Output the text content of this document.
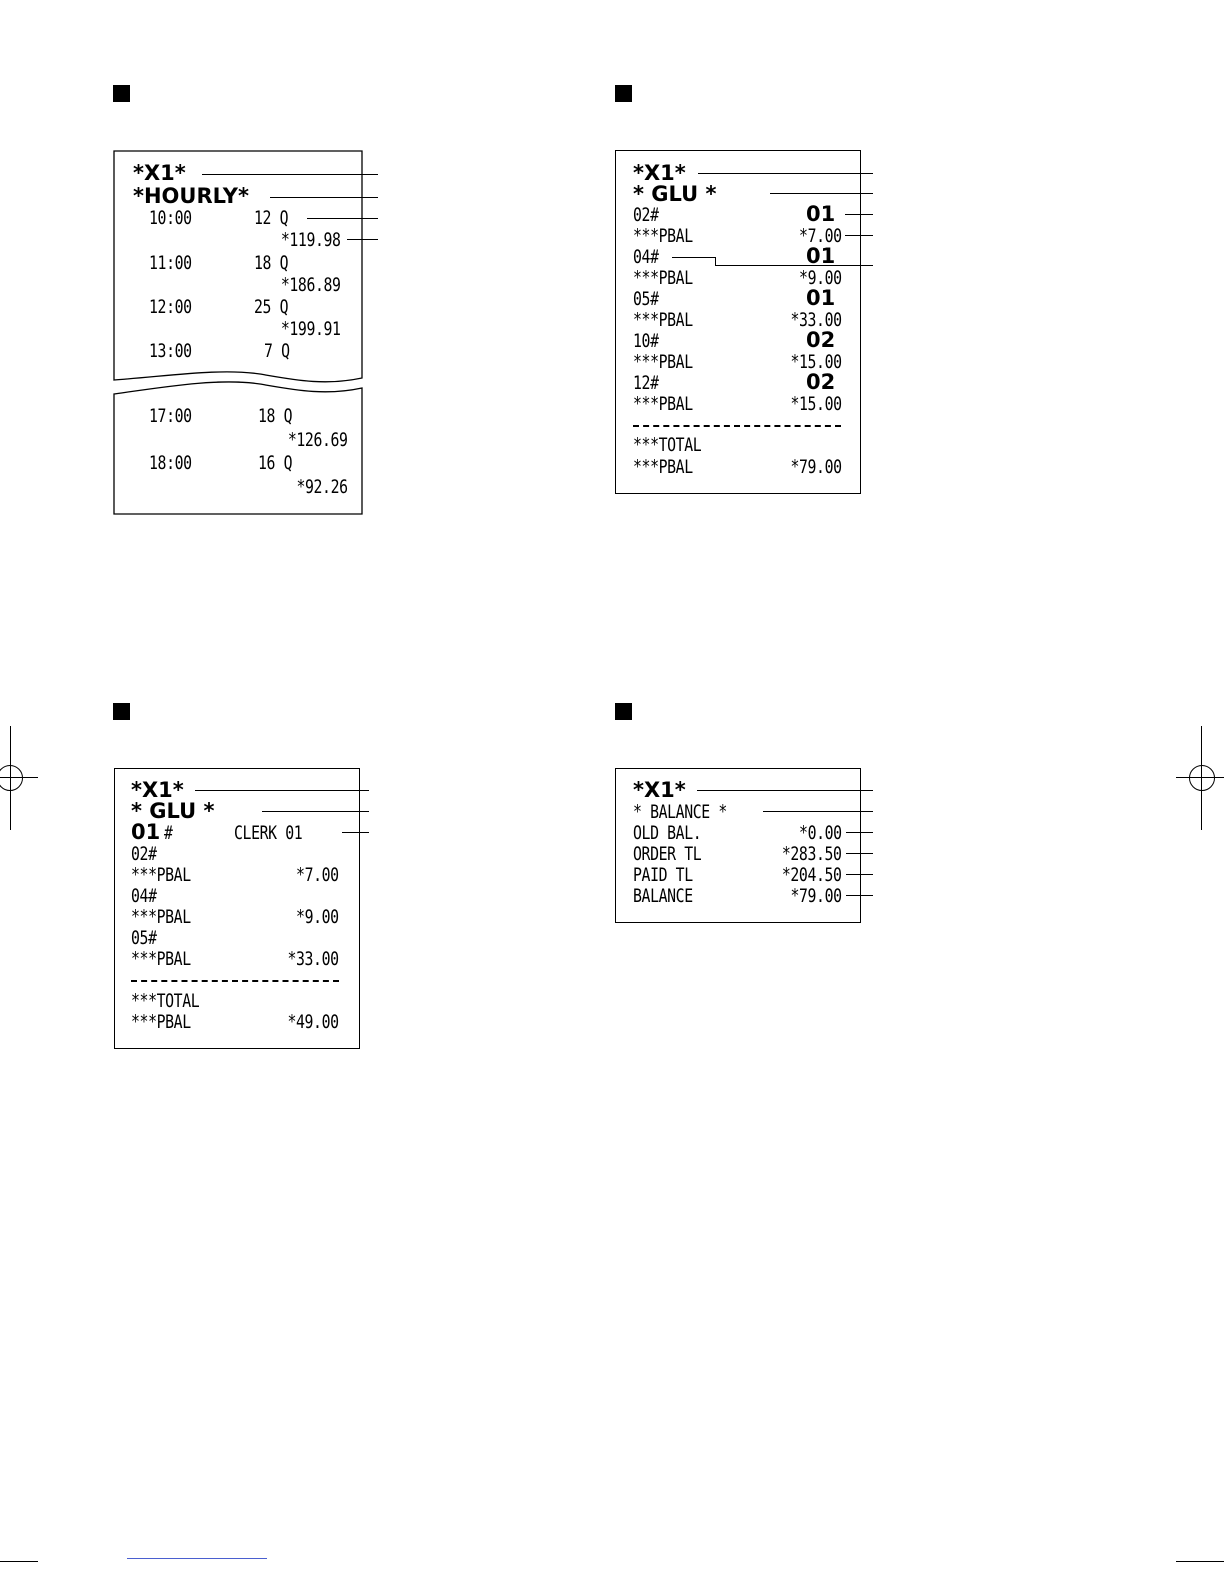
*X1*
*HOURLY*
10:00	12 Q
*119.98
11:00	18 Q
*186.89
12:00	25 Q
*199.91
13:00	7 Q
17:00	18 Q
*126.69
18:00	16 Q
*92.26
*X1*
* GLU *
02#	01
***PBAL	*7.00
04#	01
***PBAL	*9.00
05#	01
***PBAL	*33.00
10#	02
***PBAL	*15.00
12#	02
***PBAL	*15.00
***TOTAL
***PBAL	*79.00
*X1*
* GLU *
01 #	CLERK 01
02#
***PBAL	*7.00
04#
***PBAL	*9.00
05#
***PBAL	*33.00
***TOTAL
***PBAL	*49.00
*X1*
* BALANCE *
OLD BAL.	*0.00
ORDER TL	*283.50
PAID TL	*204.50
BALANCE	*79.00
